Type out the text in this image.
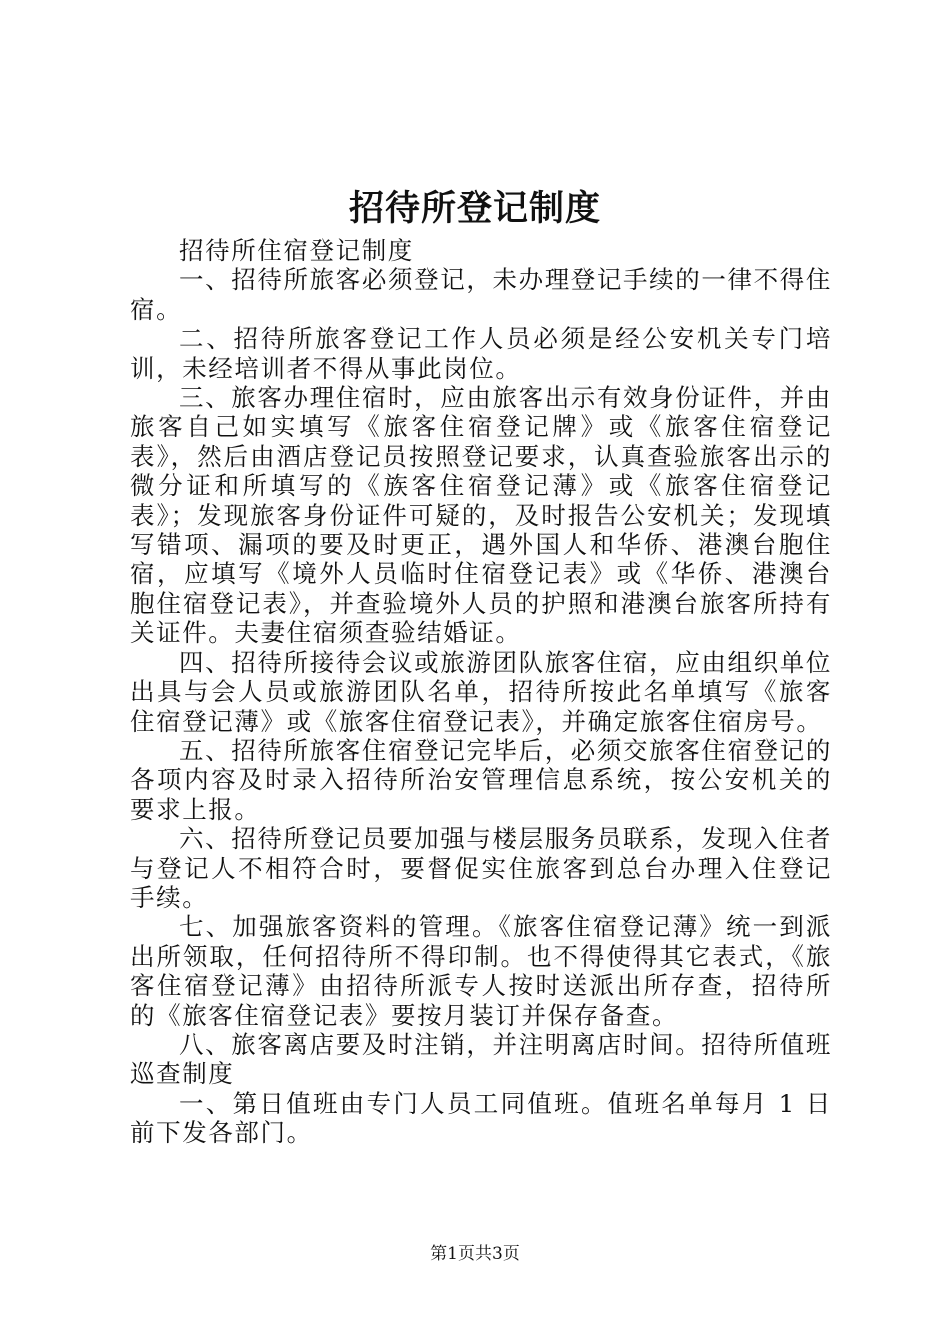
招待所登记制度

招待所住宿登记制度

一、招待所旅客必须登记，未办理登记手续的一律不得住宿。

二、招待所旅客登记工作人员必须是经公安机关专门培训，未经培训者不得从事此岗位。

三、旅客办理住宿时，应由旅客出示有效身份证件，并由旅客自己如实填写《旅客住宿登记牌》或《旅客住宿登记表》，然后由酒店登记员按照登记要求，认真查验旅客出示的微分证和所填写的《族客住宿登记薄》或《旅客住宿登记表》；发现旅客身份证件可疑的，及时报告公安机关；发现填写错项、漏项的要及时更正，遇外国人和华侨、港澳台胞住宿，应填写《境外人员临时住宿登记表》或《华侨、港澳台胞住宿登记表》，并查验境外人员的护照和港澳台旅客所持有关证件。夫妻住宿须查验结婚证。

四、招待所接待会议或旅游团队旅客住宿，应由组织单位出具与会人员或旅游团队名单，招待所按此名单填写《旅客住宿登记薄》或《旅客住宿登记表》，并确定旅客住宿房号。

五、招待所旅客住宿登记完毕后，必须交旅客住宿登记的各项内容及时录入招待所治安管理信息系统，按公安机关的要求上报。

六、招待所登记员要加强与楼层服务员联系，发现入住者与登记人不相符合时，要督促实住旅客到总台办理入住登记手续。

七、加强旅客资料的管理。《旅客住宿登记薄》统一到派出所领取，任何招待所不得印制。也不得使得其它表式，《旅客住宿登记薄》由招待所派专人按时送派出所存查，招待所的《旅客住宿登记表》要按月装订并保存备查。

八、旅客离店要及时注销，并注明离店时间。招待所值班巡查制度

一、第日值班由专门人员工同值班。值班名单每月 1 日前下发各部门。

第1页共3页
